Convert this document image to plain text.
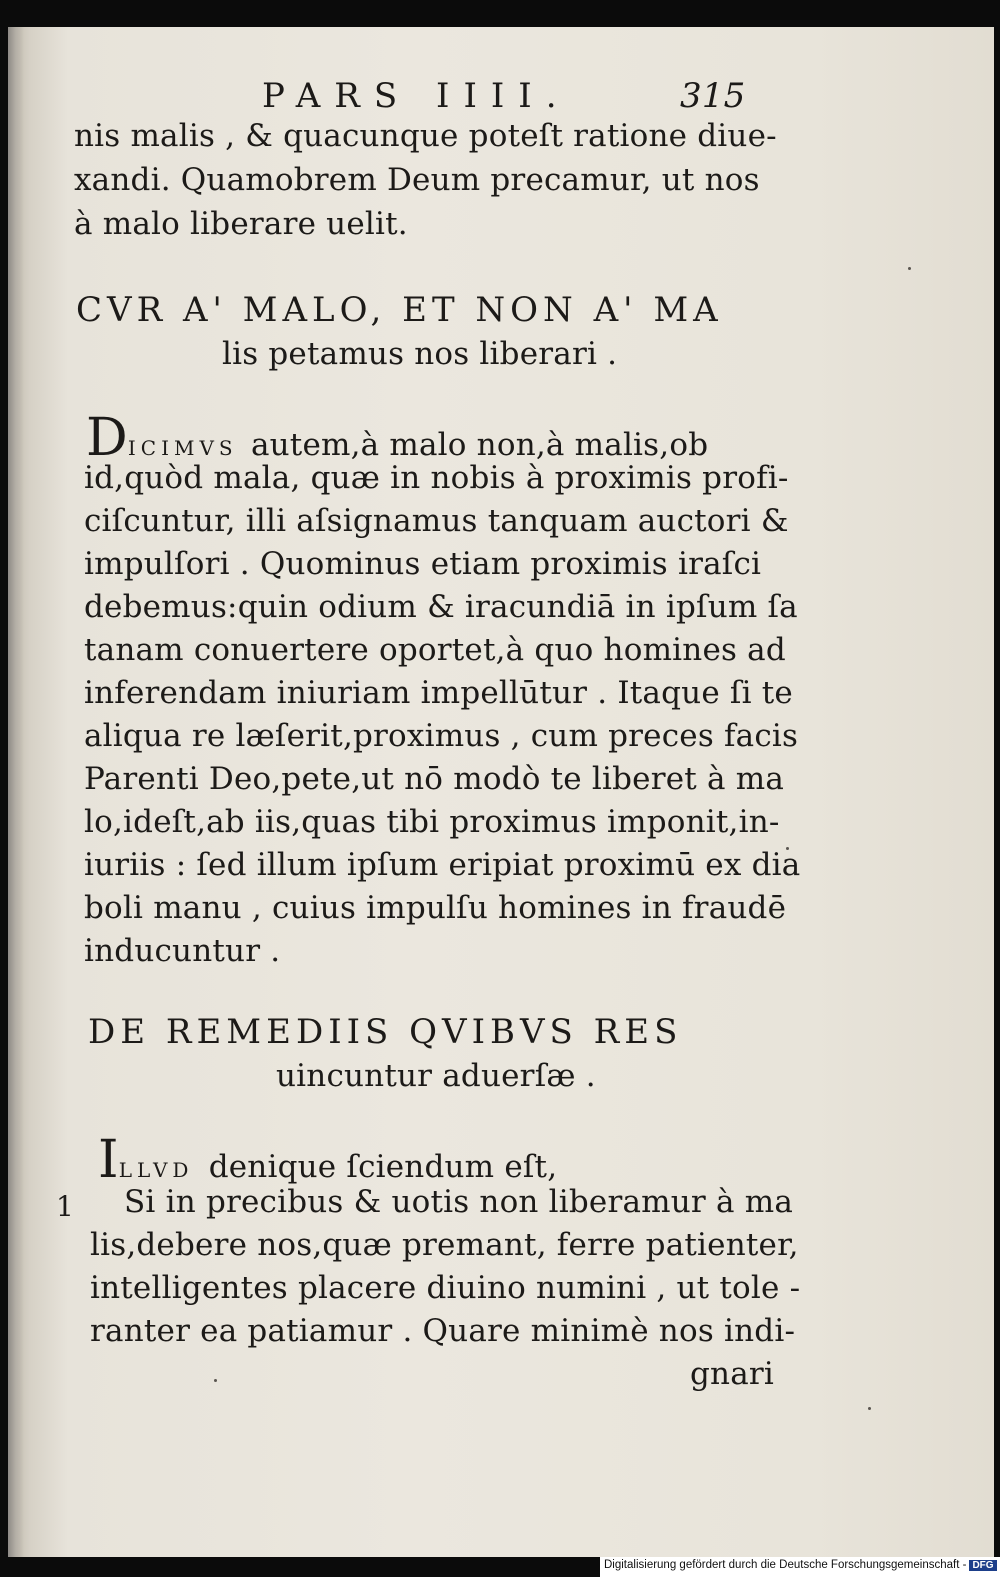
PARS IIII.	315
nis malis , & quacunque poteſt ratione diue-
xandi. Quamobrem Deum precamur, ut nos
à malo liberare uelit.
CVR A' MALO, ET NON A' MA
lis petamus nos liberari .
DICIMVS autem,à malo non,à malis,ob
id,quòd mala, quæ in nobis à proximis profi-
ciſcuntur, illi aſsignamus tanquam auctori &
impulſori . Quominus etiam proximis iraſci
debemus:quin odium & iracundiā in ipſum ſa
tanam conuertere oportet,à quo homines ad
inferendam iniuriam impellūtur . Itaque ſi te
aliqua re læſerit,proximus , cum preces facis
Parenti Deo,pete,ut nō modò te liberet à ma
lo,ideſt,ab iis,quas tibi proximus imponit,in-
iuriis : ſed illum ipſum eripiat proximū ex dia
boli manu , cuius impulſu homines in fraudē
inducuntur .
DE REMEDIIS QVIBVS RES
uincuntur aduerſæ .
ILLVD denique ſciendum eſt,
1 Si in precibus & uotis non liberamur à ma
lis,debere nos,quæ premant, ferre patienter,
intelligentes placere diuino numini , ut tole -
ranter ea patiamur . Quare minimè nos indi-
gnari
Digitalisierung gefördert durch die Deutsche Forschungsgemeinschaft - DFG
